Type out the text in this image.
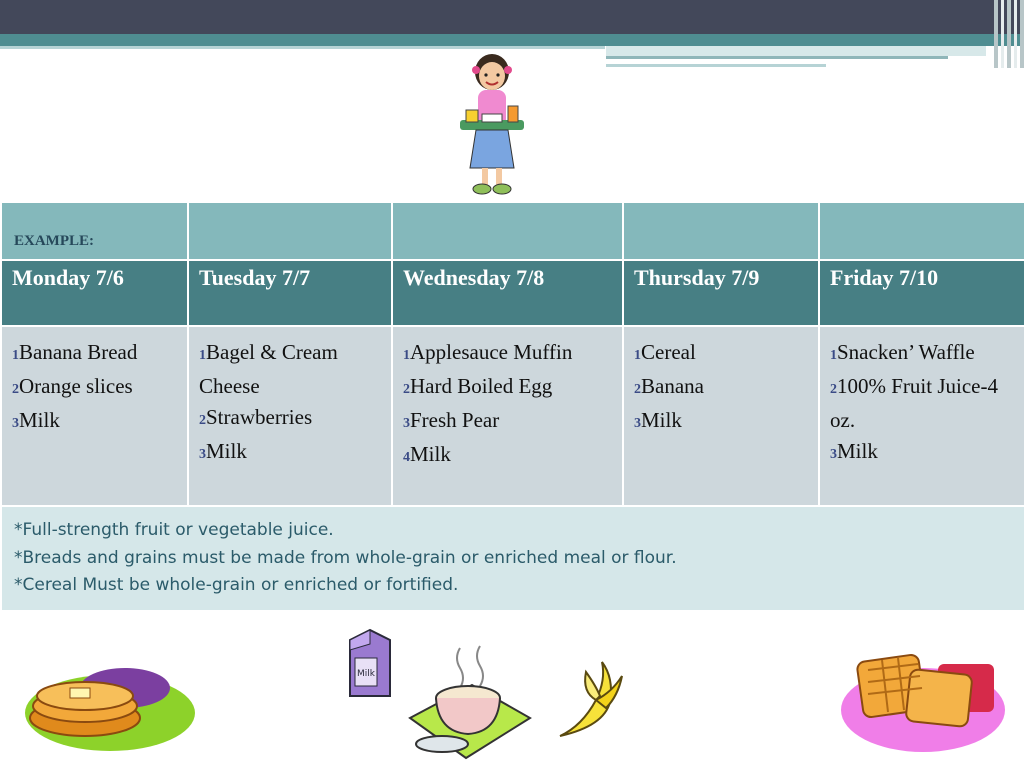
EXAMPLE:				

Monday 7/6	Tuesday 7/7	Wednesday 7/8	Thursday 7/9	Friday 7/10
1Banana Bread
2Orange slices
3Milk	1Bagel & Cream Cheese
2Strawberries
3Milk	1Applesauce Muffin
2Hard Boiled Egg
3Fresh Pear
4Milk	1Cereal
2Banana
3Milk	1Snacken’ Waffle
2100% Fruit Juice-4 oz.
3Milk

*Full-strength fruit or vegetable juice.
*Breads and grains must be made from whole-grain or enriched meal or flour.
*Cereal Must be whole-grain or enriched or fortified.				
Milk
